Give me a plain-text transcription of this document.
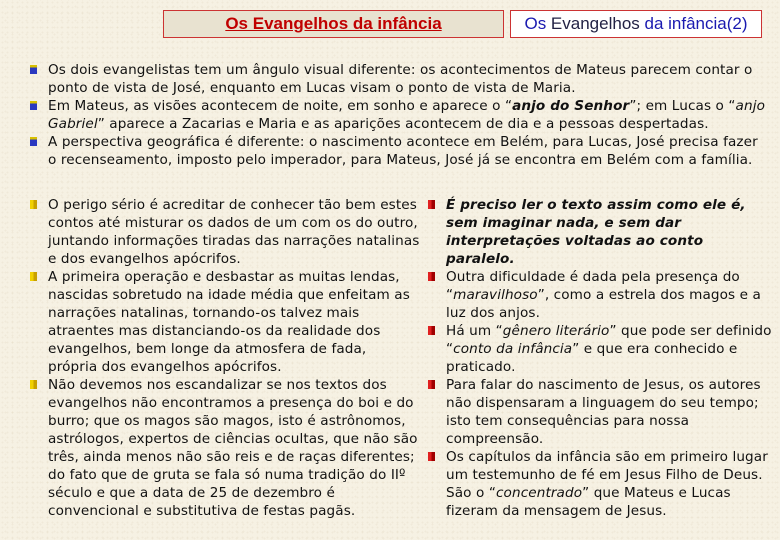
Os Evangelhos da infância	Os Evangelhos da infância(2)
Os dois evangelistas tem um ângulo visual diferente: os acontecimentos de Mateus parecem contar o ponto de vista de José, enquanto em Lucas visam o ponto de vista de Maria.
Em Mateus, as visões acontecem de noite, em sonho e aparece o “anjo do Senhor”; em Lucas o “anjo Gabriel” aparece a Zacarias e Maria e as aparições acontecem de dia e a pessoas despertadas.
A perspectiva geográfica é diferente: o nascimento acontece em Belém, para Lucas, José precisa fazer o recenseamento, imposto pelo imperador, para Mateus, José já se encontra em Belém com a família.
O perigo sério é acreditar de conhecer tão bem estes contos até misturar os dados de um com os do outro, juntando informações tiradas das narrações natalinas e dos evangelhos apócrifos.
A primeira operação e desbastar as muitas lendas, nascidas sobretudo na idade média que enfeitam as narrações natalinas, tornando-os talvez mais atraentes mas distanciando-os da realidade dos evangelhos, bem longe da atmosfera de fada, própria dos evangelhos apócrifos.
Não devemos nos escandalizar se nos textos dos evangelhos não encontramos a presença do boi e do burro; que os magos são magos, isto é astrônomos, astrólogos, expertos de ciências ocultas, que não são três, ainda menos não são reis e de raças diferentes; do fato que de gruta se fala só numa tradição do IIº século e que a data de 25 de dezembro é convencional e substitutiva de festas pagãs.
É preciso ler o texto assim como ele é, sem imaginar nada, e sem dar interpretações voltadas ao conto paralelo.
Outra dificuldade é dada pela presença do “maravilhoso”, como a estrela dos magos e a luz dos anjos.
Há um “gênero literário” que pode ser definido “conto da infância” e que era conhecido e praticado.
Para falar do nascimento de Jesus, os autores não dispensaram a linguagem do seu tempo; isto tem consequências para nossa compreensão.
Os capítulos da infância são em primeiro lugar um testemunho de fé em Jesus Filho de Deus. São o “concentrado” que Mateus e Lucas fizeram da mensagem de Jesus.
